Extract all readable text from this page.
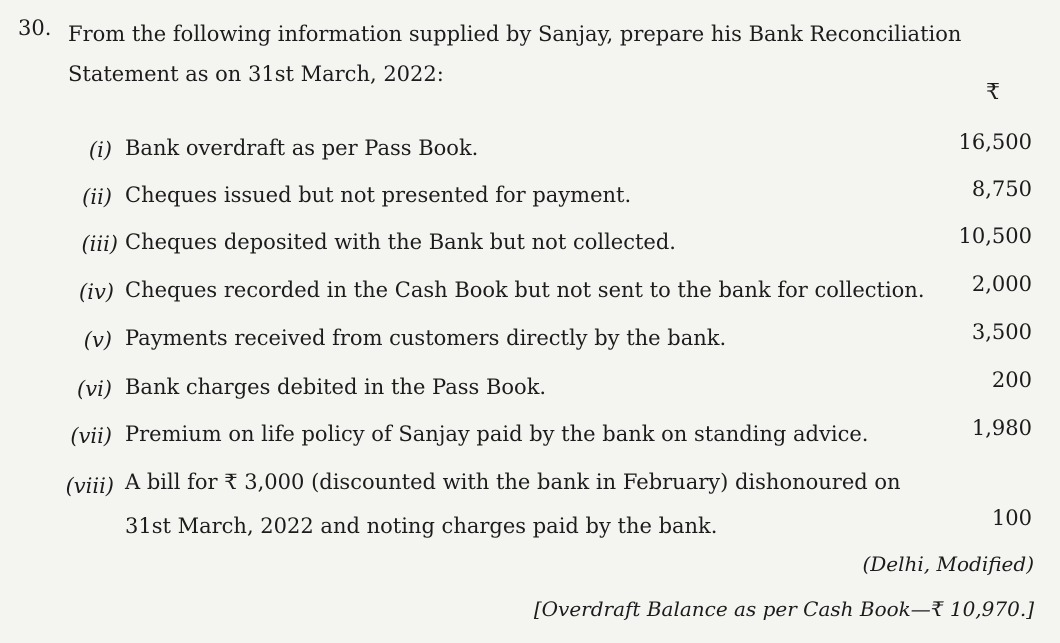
30. From the following information supplied by Sanjay, prepare his Bank Reconciliation
Statement as on 31st March, 2022:
₹
(i) Bank overdraft as per Pass Book.	16,500
(ii) Cheques issued but not presented for payment.	8,750
(iii) Cheques deposited with the Bank but not collected.	10,500
(iv) Cheques recorded in the Cash Book but not sent to the bank for collection. 2,000
(v) Payments received from customers directly by the bank.	3,500
(vi) Bank charges debited in the Pass Book.	200
(vii) Premium on life policy of Sanjay paid by the bank on standing advice.	1,980
(viii) A bill for ₹ 3,000 (discounted with the bank in February) dishonoured on
31st March, 2022 and noting charges paid by the bank.	100
(Delhi, Modified)
[Overdraft Balance as per Cash Book—₹ 10,970.]
